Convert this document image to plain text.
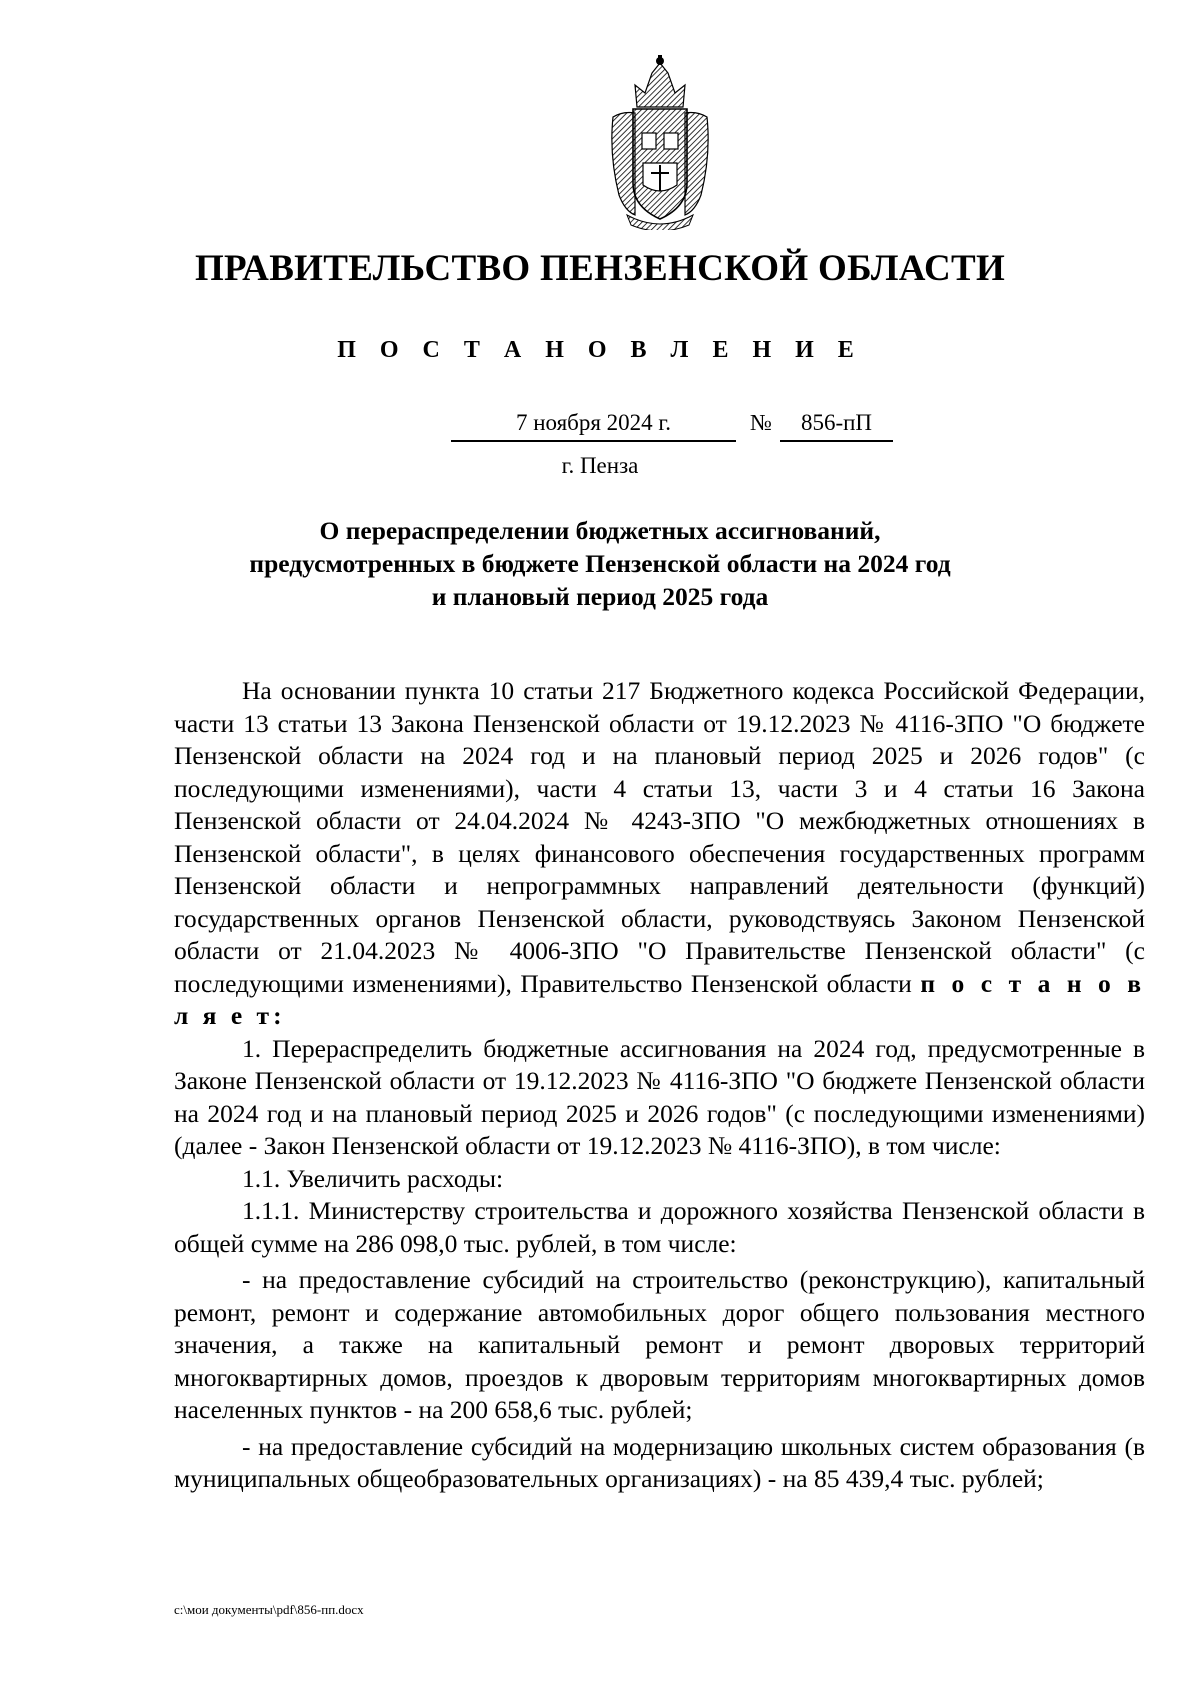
ПРАВИТЕЛЬСТВО ПЕНЗЕНСКОЙ ОБЛАСТИ
П О С Т А Н О В Л Е Н И Е
7 ноября 2024 г.	№	856-пП
г. Пенза
О перераспределении бюджетных ассигнований,
предусмотренных в бюджете Пензенской области на 2024 год
и плановый период 2025 года

На основании пункта 10 статьи 217 Бюджетного кодекса Российской Федерации, части 13 статьи 13 Закона Пензенской области от 19.12.2023 № 4116-ЗПО "О бюджете Пензенской области на 2024 год и на плановый период 2025 и 2026 годов" (с последующими изменениями), части 4 статьи 13, части 3 и 4 статьи 16 Закона Пензенской области от 24.04.2024 № 4243-ЗПО "О межбюджетных отношениях в Пензенской области", в целях финансового обеспечения государственных программ Пензенской области и непрограммных направлений деятельности (функций) государственных органов Пензенской области, руководствуясь Законом Пензенской области от 21.04.2023 № 4006-ЗПО "О Правительстве Пензенской области" (с последующими изменениями), Правительство Пензенской области п о с т а н о в л я е т:

1. Перераспределить бюджетные ассигнования на 2024 год, предусмотренные в Законе Пензенской области от 19.12.2023 № 4116-ЗПО "О бюджете Пензенской области на 2024 год и на плановый период 2025 и 2026 годов" (с последующими изменениями) (далее - Закон Пензенской области от 19.12.2023 № 4116-ЗПО), в том числе:

1.1. Увеличить расходы:

1.1.1. Министерству строительства и дорожного хозяйства Пензенской области в общей сумме на 286 098,0 тыс. рублей, в том числе:

- на предоставление субсидий на строительство (реконструкцию), капитальный ремонт, ремонт и содержание автомобильных дорог общего пользования местного значения, а также на капитальный ремонт и ремонт дворовых территорий многоквартирных домов, проездов к дворовым территориям многоквартирных домов населенных пунктов - на 200 658,6 тыс. рублей;

- на предоставление субсидий на модернизацию школьных систем образования (в муниципальных общеобразовательных организациях) - на 85 439,4 тыс. рублей;

c:\мои документы\pdf\856-пп.docx
